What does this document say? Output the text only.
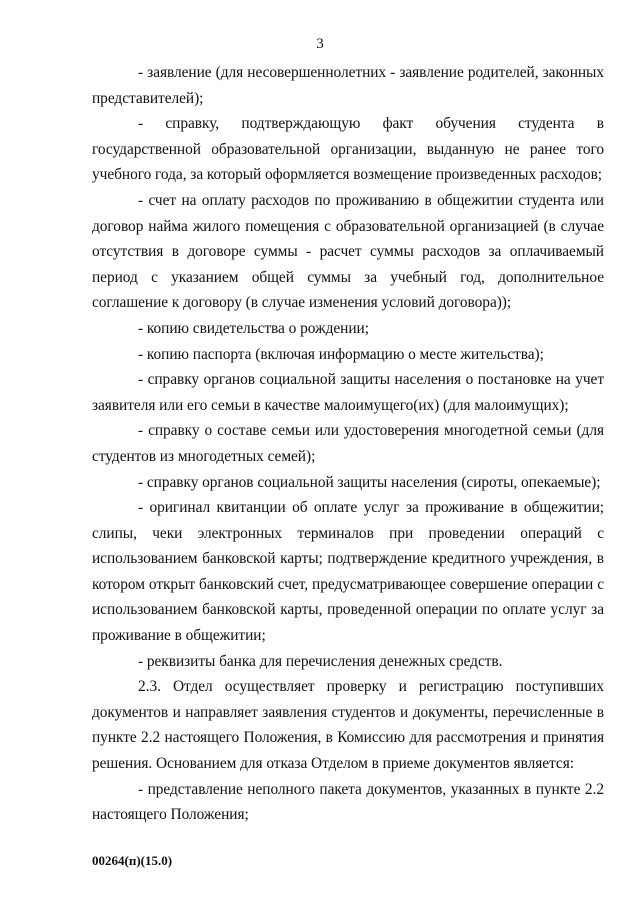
3

- заявление (для несовершеннолетних - заявление родителей, законных представителей);

- справку, подтверждающую факт обучения студента в государственной образовательной организации, выданную не ранее того учебного года, за который оформляется возмещение произведенных расходов;

- счет на оплату расходов по проживанию в общежитии студента или договор найма жилого помещения с образовательной организацией (в случае отсутствия в договоре суммы - расчет суммы расходов за оплачиваемый период с указанием общей суммы за учебный год, дополнительное соглашение к договору (в случае изменения условий договора));

- копию свидетельства о рождении;

- копию паспорта (включая информацию о месте жительства);

- справку органов социальной защиты населения о постановке на учет заявителя или его семьи в качестве малоимущего(их) (для малоимущих);

- справку о составе семьи или удостоверения многодетной семьи (для студентов из многодетных семей);

- справку органов социальной защиты населения (сироты, опекаемые);

- оригинал квитанции об оплате услуг за проживание в общежитии; слипы, чеки электронных терминалов при проведении операций с использованием банковской карты; подтверждение кредитного учреждения, в котором открыт банковский счет, предусматривающее совершение операции с использованием банковской карты, проведенной операции по оплате услуг за проживание в общежитии;

- реквизиты банка для перечисления денежных средств.

2.3. Отдел осуществляет проверку и регистрацию поступивших документов и направляет заявления студентов и документы, перечисленные в пункте 2.2 настоящего Положения, в Комиссию для рассмотрения и принятия решения. Основанием для отказа Отделом в приеме документов является:

- представление неполного пакета документов, указанных в пункте 2.2 настоящего Положения;

00264(п)(15.0)
